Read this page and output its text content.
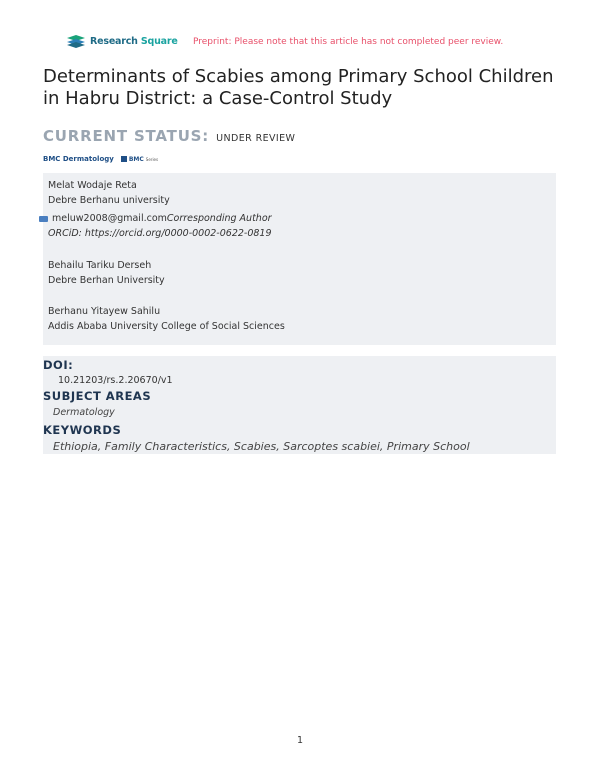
Research Square Preprint: Please note that this article has not completed peer review.
Determinants of Scabies among Primary School Children in Habru District: a Case-Control Study
CURRENT STATUS: UNDER REVIEW
BMC Dermatology	BMC Series
Melat Wodaje Reta
Debre Berhanu university
meluw2008@gmail.comCorresponding Author
ORCiD: https://orcid.org/0000-0002-0622-0819
Behailu Tariku Derseh
Debre Berhan University
Berhanu Yitayew Sahilu
Addis Ababa University College of Social Sciences
DOI:
10.21203/rs.2.20670/v1
SUBJECT AREAS
Dermatology
KEYWORDS
Ethiopia, Family Characteristics, Scabies, Sarcoptes scabiei, Primary School
1
